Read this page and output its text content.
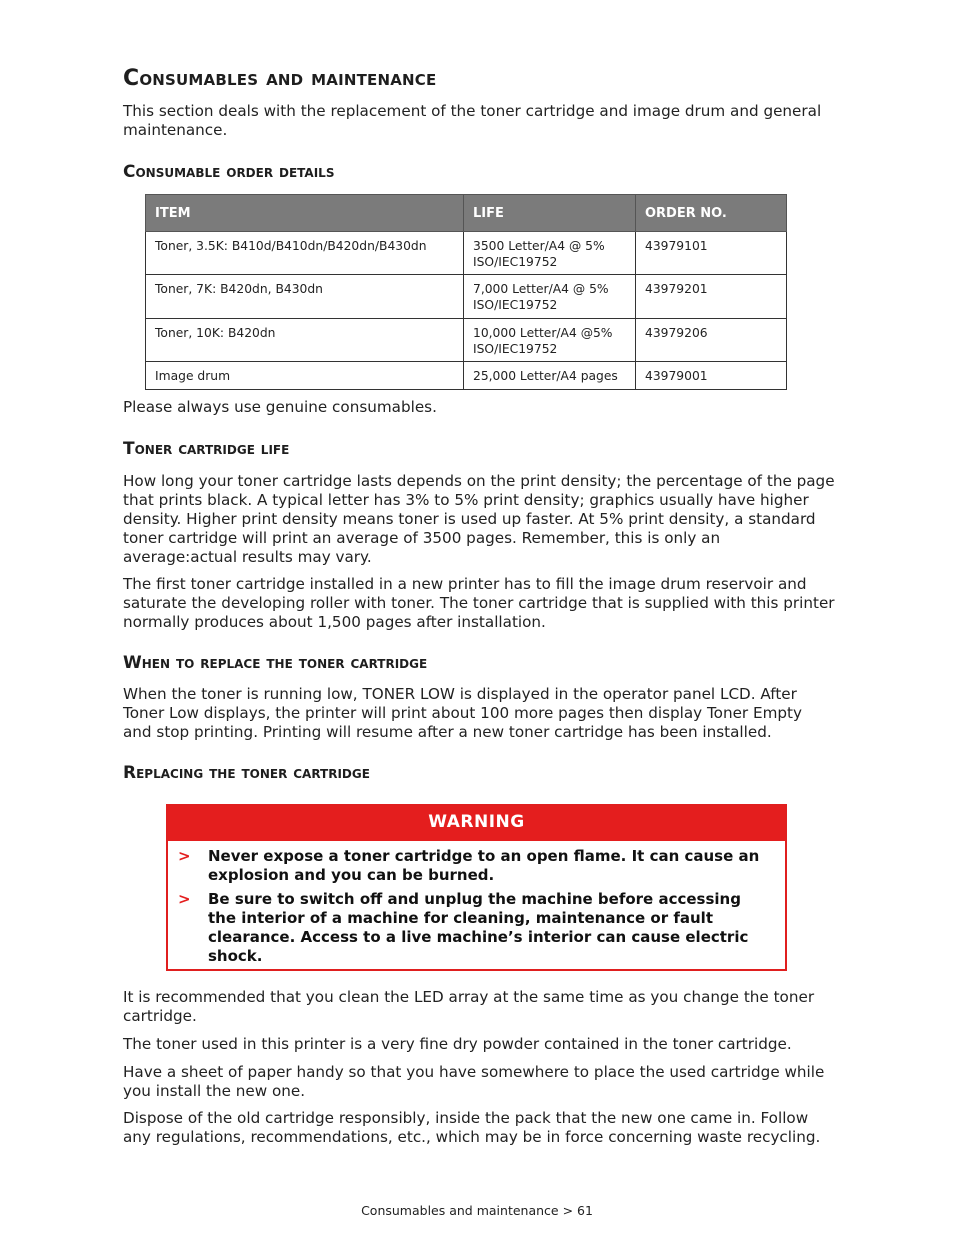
Consumables and maintenance

This section deals with the replacement of the toner cartridge and image drum and general maintenance.

Consumable order details
ITEM	LIFE	ORDER NO.
Toner, 3.5K: B410d/B410dn/B420dn/B430dn	3500 Letter/A4 @ 5% ISO/IEC19752	43979101
Toner, 7K: B420dn, B430dn	7,000 Letter/A4 @ 5% ISO/IEC19752	43979201
Toner, 10K: B420dn	10,000 Letter/A4 @5% ISO/IEC19752	43979206
Image drum	25,000 Letter/A4 pages	43979001

Please always use genuine consumables.

Toner cartridge life

How long your toner cartridge lasts depends on the print density; the percentage of the page that prints black. A typical letter has 3% to 5% print density; graphics usually have higher density. Higher print density means toner is used up faster. At 5% print density, a standard toner cartridge will print an average of 3500 pages. Remember, this is only an average:actual results may vary.

The first toner cartridge installed in a new printer has to fill the image drum reservoir and saturate the developing roller with toner. The toner cartridge that is supplied with this printer normally produces about 1,500 pages after installation.

When to replace the toner cartridge

When the toner is running low, TONER LOW is displayed in the operator panel LCD. After Toner Low displays, the printer will print about 100 more pages then display Toner Empty and stop printing. Printing will resume after a new toner cartridge has been installed.

Replacing the toner cartridge
WARNING
> Never expose a toner cartridge to an open flame. It can cause an explosion and you can be burned.
> Be sure to switch off and unplug the machine before accessing the interior of a machine for cleaning, maintenance or fault clearance. Access to a live machine’s interior can cause electric shock.

It is recommended that you clean the LED array at the same time as you change the toner cartridge.

The toner used in this printer is a very fine dry powder contained in the toner cartridge.

Have a sheet of paper handy so that you have somewhere to place the used cartridge while you install the new one.

Dispose of the old cartridge responsibly, inside the pack that the new one came in. Follow any regulations, recommendations, etc., which may be in force concerning waste recycling.

Consumables and maintenance > 61
